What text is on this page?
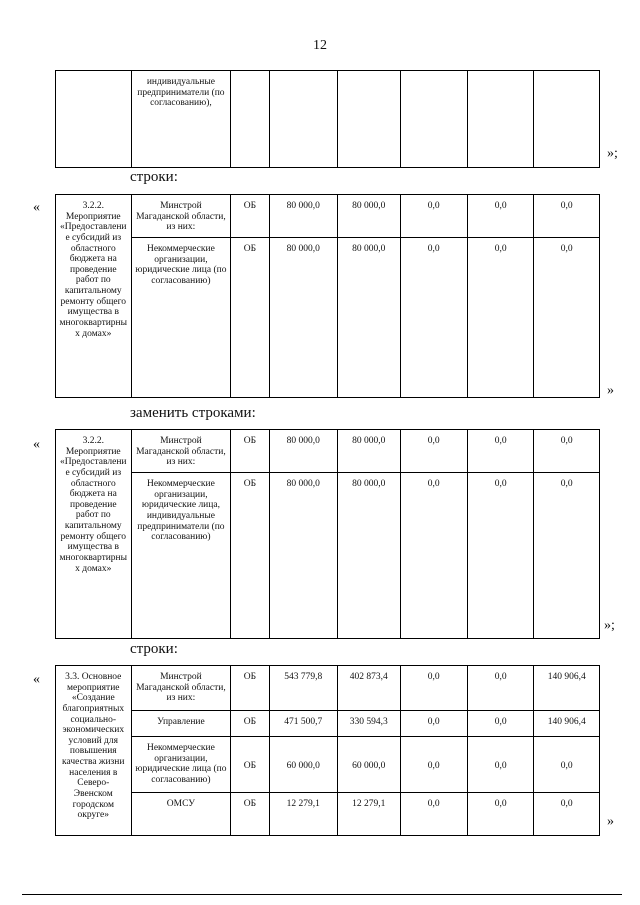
12
	индивидуальные предприниматели (по согласованию),						
»;
строки:
«	3.2.2. Мероприятие «Предоставлени е субсидий из областного бюджета на проведение работ по капитальному ремонту общего имущества в многоквартирны х домах»	Минстрой Магаданской области, из них:	ОБ	80 000,0	80 000,0	0,0	0,0	0,0
	Некоммерческие организации, юридические лица (по согласованию)	ОБ	80 000,0	80 000,0	0,0	0,0	0,0
»
заменить строками:
«	3.2.2. Мероприятие «Предоставлени е субсидий из областного бюджета на проведение работ по капитальному ремонту общего имущества в многоквартирны х домах»	Минстрой Магаданской области, из них:	ОБ	80 000,0	80 000,0	0,0	0,0	0,0
	Некоммерческие организации, юридические лица, индивидуальные предприниматели (по согласованию)	ОБ	80 000,0	80 000,0	0,0	0,0	0,0
»;
строки:
«	3.3. Основное мероприятие «Создание благоприятных социально-экономических условий для повышения качества жизни населения в Северо-Эвенском городском округе»	Минстрой Магаданской области, из них:	ОБ	543 779,8	402 873,4	0,0	0,0	140 906,4
	Управление	ОБ	471 500,7	330 594,3	0,0	0,0	140 906,4
	Некоммерческие организации, юридические лица (по согласованию)	ОБ	60 000,0	60 000,0	0,0	0,0	0,0
	ОМСУ	ОБ	12 279,1	12 279,1	0,0	0,0	0,0
»
